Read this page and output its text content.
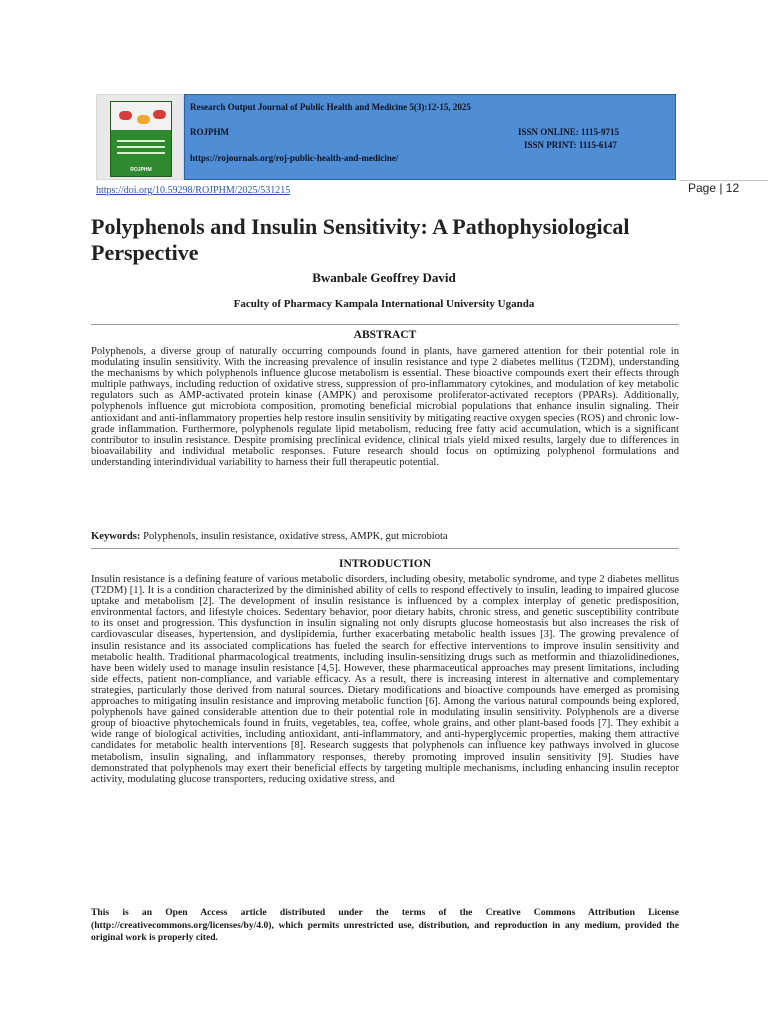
ROJPHM
Research Output Journal of Public Health and Medicine 5(3):12-15, 2025
ROJPHM	ISSN ONLINE: 1115-9715
ISSN PRINT: 1115-6147
https://rojournals.org/roj-public-health-and-medicine/
https://doi.org/10.59298/ROJPHM/2025/531215	Page | 12
Polyphenols and Insulin Sensitivity: A Pathophysiological Perspective
Bwanbale Geoffrey David
Faculty of Pharmacy Kampala International University Uganda
ABSTRACT

Polyphenols, a diverse group of naturally occurring compounds found in plants, have garnered attention for their potential role in modulating insulin sensitivity. With the increasing prevalence of insulin resistance and type 2 diabetes mellitus (T2DM), understanding the mechanisms by which polyphenols influence glucose metabolism is essential. These bioactive compounds exert their effects through multiple pathways, including reduction of oxidative stress, suppression of pro-inflammatory cytokines, and modulation of key metabolic regulators such as AMP-activated protein kinase (AMPK) and peroxisome proliferator-activated receptors (PPARs). Additionally, polyphenols influence gut microbiota composition, promoting beneficial microbial populations that enhance insulin signaling. Their antioxidant and anti-inflammatory properties help restore insulin sensitivity by mitigating reactive oxygen species (ROS) and chronic low-grade inflammation. Furthermore, polyphenols regulate lipid metabolism, reducing free fatty acid accumulation, which is a significant contributor to insulin resistance. Despite promising preclinical evidence, clinical trials yield mixed results, largely due to differences in bioavailability and individual metabolic responses. Future research should focus on optimizing polyphenol formulations and understanding interindividual variability to harness their full therapeutic potential.

Keywords: Polyphenols, insulin resistance, oxidative stress, AMPK, gut microbiota
INTRODUCTION

Insulin resistance is a defining feature of various metabolic disorders, including obesity, metabolic syndrome, and type 2 diabetes mellitus (T2DM) [1]. It is a condition characterized by the diminished ability of cells to respond effectively to insulin, leading to impaired glucose uptake and metabolism [2]. The development of insulin resistance is influenced by a complex interplay of genetic predisposition, environmental factors, and lifestyle choices. Sedentary behavior, poor dietary habits, chronic stress, and genetic susceptibility contribute to its onset and progression. This dysfunction in insulin signaling not only disrupts glucose homeostasis but also increases the risk of cardiovascular diseases, hypertension, and dyslipidemia, further exacerbating metabolic health issues [3]. The growing prevalence of insulin resistance and its associated complications has fueled the search for effective interventions to improve insulin sensitivity and metabolic health. Traditional pharmacological treatments, including insulin-sensitizing drugs such as metformin and thiazolidinediones, have been widely used to manage insulin resistance [4,5]. However, these pharmaceutical approaches may present limitations, including side effects, patient non-compliance, and variable efficacy. As a result, there is increasing interest in alternative and complementary strategies, particularly those derived from natural sources. Dietary modifications and bioactive compounds have emerged as promising approaches to mitigating insulin resistance and improving metabolic function [6]. Among the various natural compounds being explored, polyphenols have gained considerable attention due to their potential role in modulating insulin sensitivity. Polyphenols are a diverse group of bioactive phytochemicals found in fruits, vegetables, tea, coffee, whole grains, and other plant-based foods [7]. They exhibit a wide range of biological activities, including antioxidant, anti-inflammatory, and anti-hyperglycemic properties, making them attractive candidates for metabolic health interventions [8]. Research suggests that polyphenols can influence key pathways involved in glucose metabolism, insulin signaling, and inflammatory responses, thereby promoting improved insulin sensitivity [9]. Studies have demonstrated that polyphenols may exert their beneficial effects by targeting multiple mechanisms, including enhancing insulin receptor activity, modulating glucose transporters, reducing oxidative stress, and

This is an Open Access article distributed under the terms of the Creative Commons Attribution License (http://creativecommons.org/licenses/by/4.0), which permits unrestricted use, distribution, and reproduction in any medium, provided the original work is properly cited.
